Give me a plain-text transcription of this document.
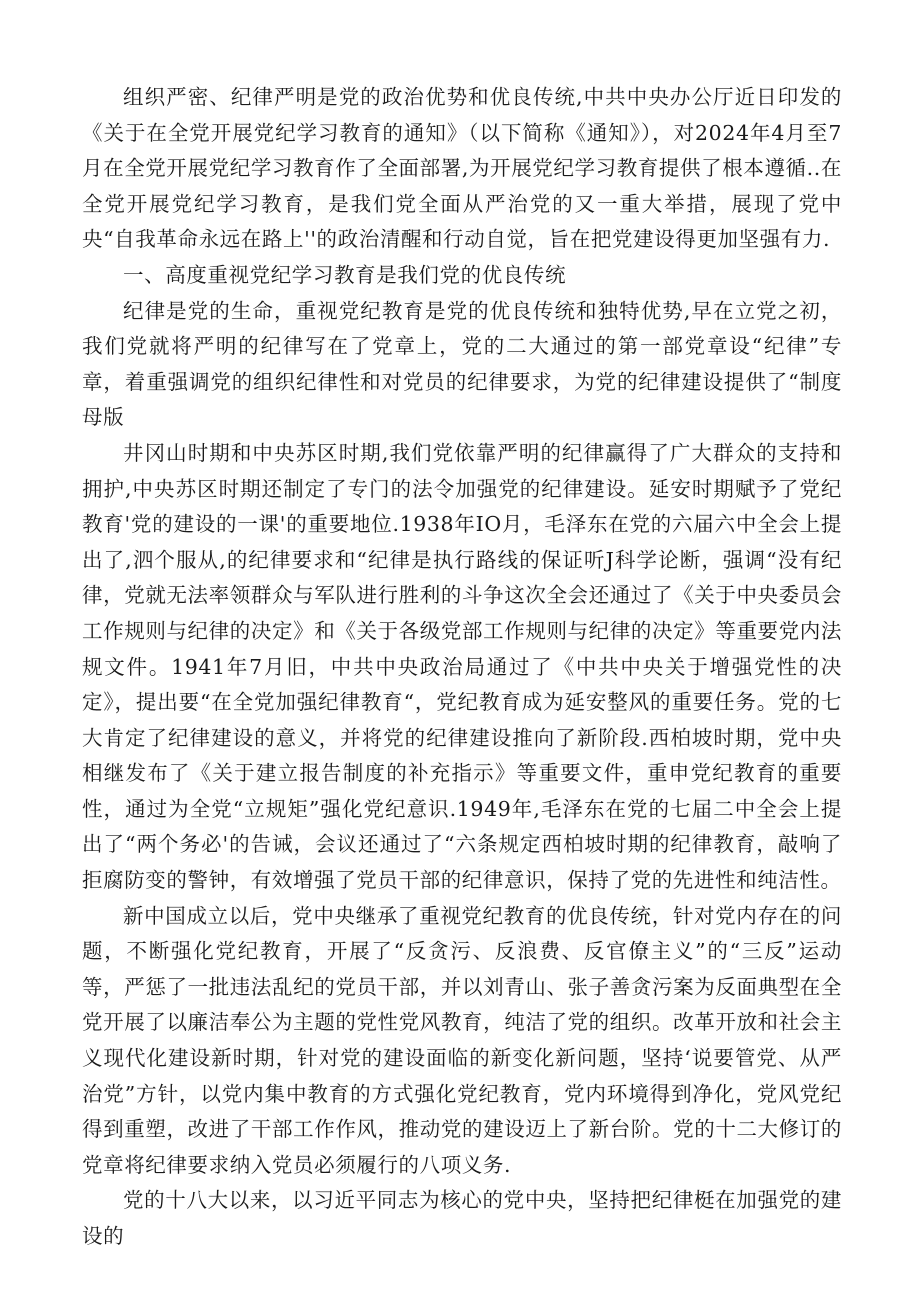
组织严密、纪律严明是党的政治优势和优良传统,中共中央办公厅近日印发的《关于在全党开展党纪学习教育的通知》（以下简称《通知》），对2024年4月至7月在全党开展党纪学习教育作了全面部署,为开展党纪学习教育提供了根本遵循..在全党开展党纪学习教育，是我们党全面从严治党的又一重大举措，展现了党中央“自我革命永远在路上''的政治清醒和行动自觉，旨在把党建设得更加坚强有力.

一、高度重视党纪学习教育是我们党的优良传统

纪律是党的生命，重视党纪教育是党的优良传统和独特优势,早在立党之初，我们党就将严明的纪律写在了党章上，党的二大通过的第一部党章设“纪律”专章，着重强调党的组织纪律性和对党员的纪律要求，为党的纪律建设提供了“制度母版

井冈山时期和中央苏区时期,我们党依靠严明的纪律赢得了广大群众的支持和拥护,中央苏区时期还制定了专门的法令加强党的纪律建设。延安时期赋予了党纪教育'党的建设的一课'的重要地位.1938年IO月，毛泽东在党的六届六中全会上提出了,泗个服从,的纪律要求和“纪律是执行路线的保证听J科学论断，强调“没有纪律，党就无法率领群众与军队进行胜利的斗争这次全会还通过了《关于中央委员会工作规则与纪律的决定》和《关于各级党部工作规则与纪律的决定》等重要党内法规文件。1941年7月旧，中共中央政治局通过了《中共中央关于增强党性的决定》，提出要“在全党加强纪律教育“，党纪教育成为延安整风的重要任务。党的七大肯定了纪律建设的意义，并将党的纪律建设推向了新阶段.西柏坡时期，党中央相继发布了《关于建立报告制度的补充指示》等重要文件，重申党纪教育的重要性，通过为全党“立规矩”强化党纪意识.1949年,毛泽东在党的七届二中全会上提出了“两个务必'的告诫，会议还通过了“六条规定西柏坡时期的纪律教育，敲响了拒腐防变的警钟，有效增强了党员干部的纪律意识，保持了党的先进性和纯洁性。

新中国成立以后，党中央继承了重视党纪教育的优良传统，针对党内存在的问题，不断强化党纪教育，开展了“反贪污、反浪费、反官僚主义”的“三反”运动等，严惩了一批违法乱纪的党员干部，并以刘青山、张子善贪污案为反面典型在全党开展了以廉洁奉公为主题的党性党风教育，纯洁了党的组织。改革开放和社会主义现代化建设新时期，针对党的建设面临的新变化新问题，坚持‘说要管党、从严治党”方针，以党内集中教育的方式强化党纪教育，党内环境得到净化，党风党纪得到重塑，改进了干部工作作风，推动党的建设迈上了新台阶。党的十二大修订的党章将纪律要求纳入党员必须履行的八项义务.

党的十八大以来，以习近平同志为核心的党中央，坚持把纪律梃在加强党的建设的
